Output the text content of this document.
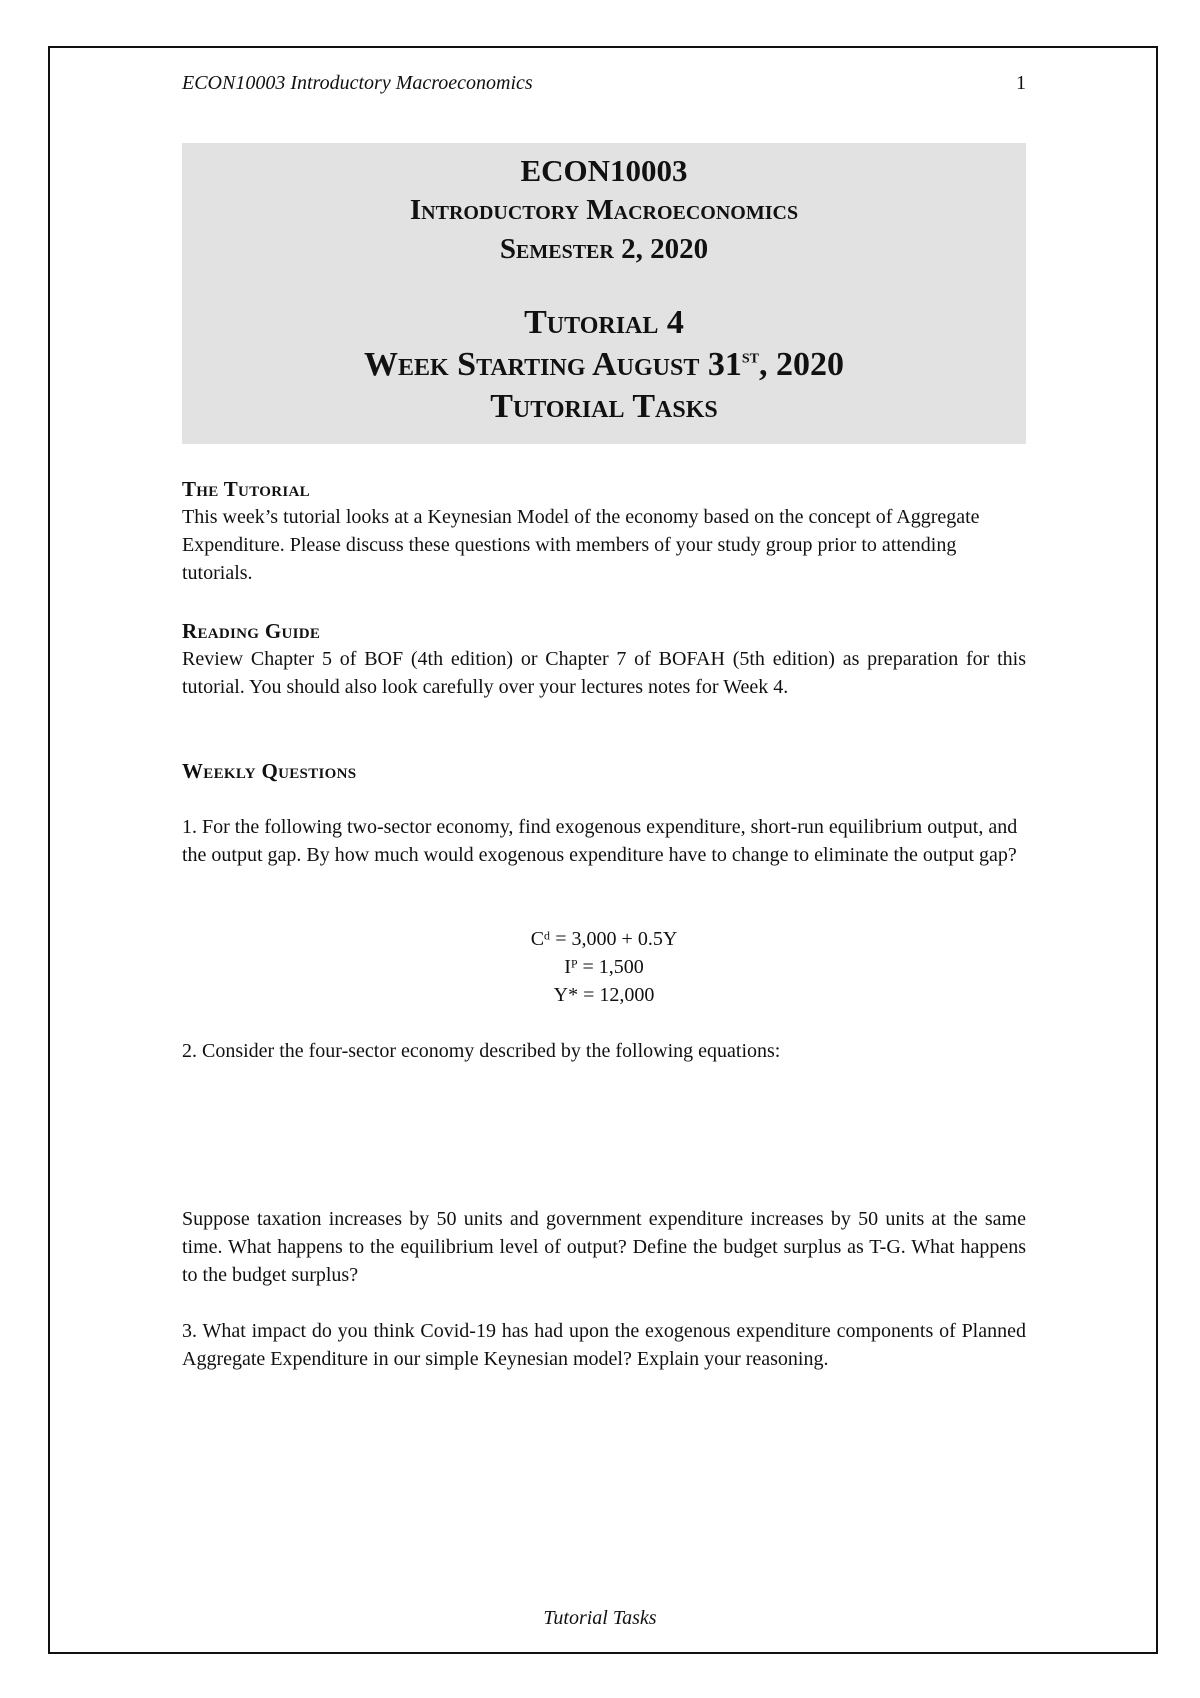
ECON10003 Introductory Macroeconomics	1
ECON10003
Introductory Macroeconomics
Semester 2, 2020
Tutorial 4
Week Starting August 31st, 2020
Tutorial Tasks
The Tutorial

This week’s tutorial looks at a Keynesian Model of the economy based on the concept of Aggregate Expenditure. Please discuss these questions with members of your study group prior to attending tutorials.

Reading Guide

Review Chapter 5 of BOF (4th edition) or Chapter 7 of BOFAH (5th edition) as preparation for this tutorial. You should also look carefully over your lectures notes for Week 4.

Weekly Questions

1. For the following two-sector economy, find exogenous expenditure, short-run equilibrium output, and the output gap. By how much would exogenous expenditure have to change to eliminate the output gap?

Cᵈ = 3,000 + 0.5Y
Iᴾ = 1,500
Y* = 12,000

2. Consider the four-sector economy described by the following equations:

Suppose taxation increases by 50 units and government expenditure increases by 50 units at the same time. What happens to the equilibrium level of output? Define the budget surplus as T-G. What happens to the budget surplus?

3. What impact do you think Covid-19 has had upon the exogenous expenditure components of Planned Aggregate Expenditure in our simple Keynesian model? Explain your reasoning.

Tutorial Tasks
